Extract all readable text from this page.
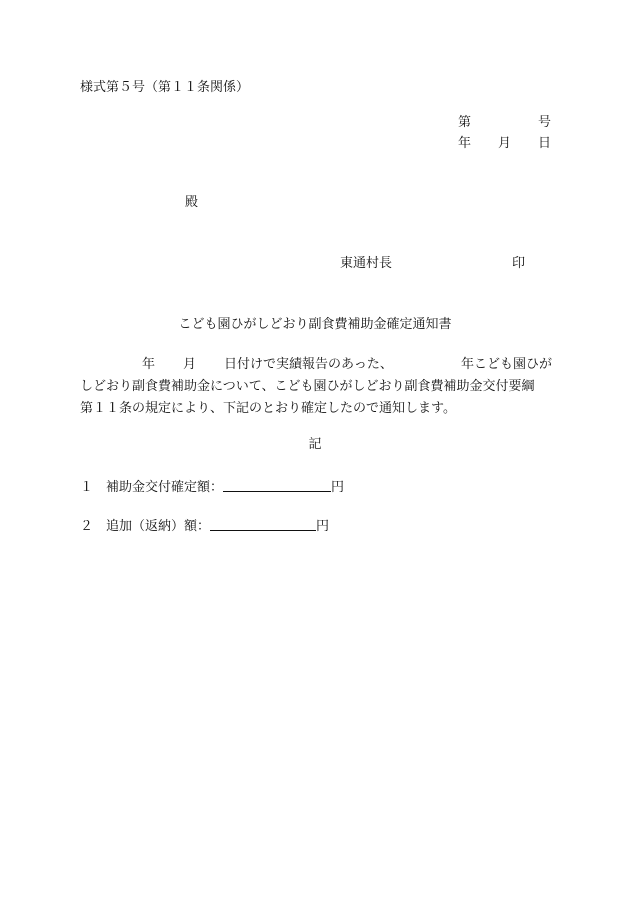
様式第５号（第１１条関係）
第	号
年 月 日
殿
東通村長	印
こども園ひがしどおり副食費補助金確定通知書
年 月 日付けで実績報告のあった、	年こども園ひが
しどおり副食費補助金について、こども園ひがしどおり副食費補助金交付要綱
第１１条の規定により、下記のとおり確定したので通知します。
記
１ 補助金交付確定額：	円
２ 追加（返納）額：	円
